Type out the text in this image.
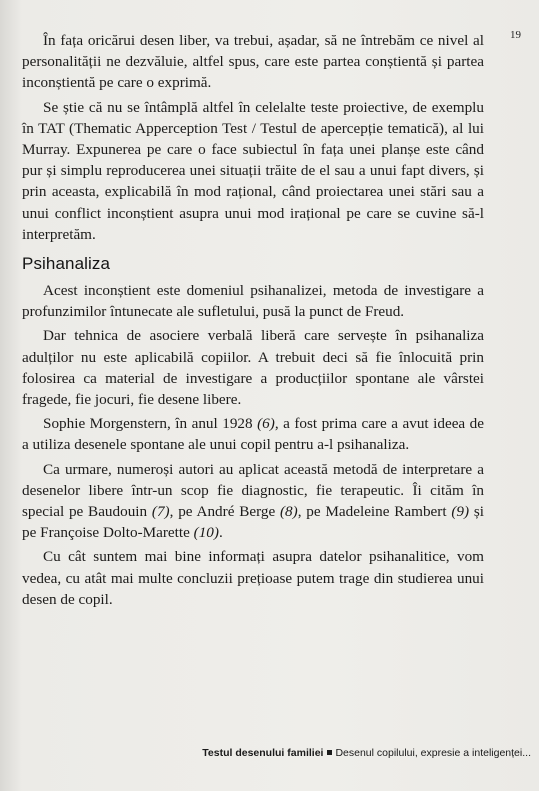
19

În fața oricărui desen liber, va trebui, așadar, să ne întrebăm ce nivel al personalității ne dezvăluie, altfel spus, care este partea conștientă și partea inconștientă pe care o exprimă.

Se știe că nu se întâmplă altfel în celelalte teste proiective, de exemplu în TAT (Thematic Apperception Test / Testul de apercepție tematică), al lui Murray. Expunerea pe care o face subiectul în fața unei planșe este când pur și simplu reproducerea unei situații trăite de el sau a unui fapt divers, și prin aceasta, explicabilă în mod rațional, când proiectarea unei stări sau a unui conflict inconștient asupra unui mod irațional pe care se cuvine să-l interpretăm.

Psihanaliza

Acest inconștient este domeniul psihanalizei, metoda de investigare a profunzimilor întunecate ale sufletului, pusă la punct de Freud.

Dar tehnica de asociere verbală liberă care servește în psihanaliza adulților nu este aplicabilă copiilor. A trebuit deci să fie înlocuită prin folosirea ca material de investigare a producțiilor spontane ale vârstei fragede, fie jocuri, fie desene libere.

Sophie Morgenstern, în anul 1928 (6), a fost prima care a avut ideea de a utiliza desenele spontane ale unui copil pentru a-l psihanaliza.

Ca urmare, numeroși autori au aplicat această metodă de interpretare a desenelor libere într-un scop fie diagnostic, fie terapeutic. Îi cităm în special pe Baudouin (7), pe André Berge (8), pe Madeleine Rambert (9) și pe Françoise Dolto-Marette (10).

Cu cât suntem mai bine informați asupra datelor psihanalitice, vom vedea, cu atât mai multe concluzii prețioase putem trage din studierea unui desen de copil.

Testul desenului familiei Desenul copilului, expresie a inteligenței...
